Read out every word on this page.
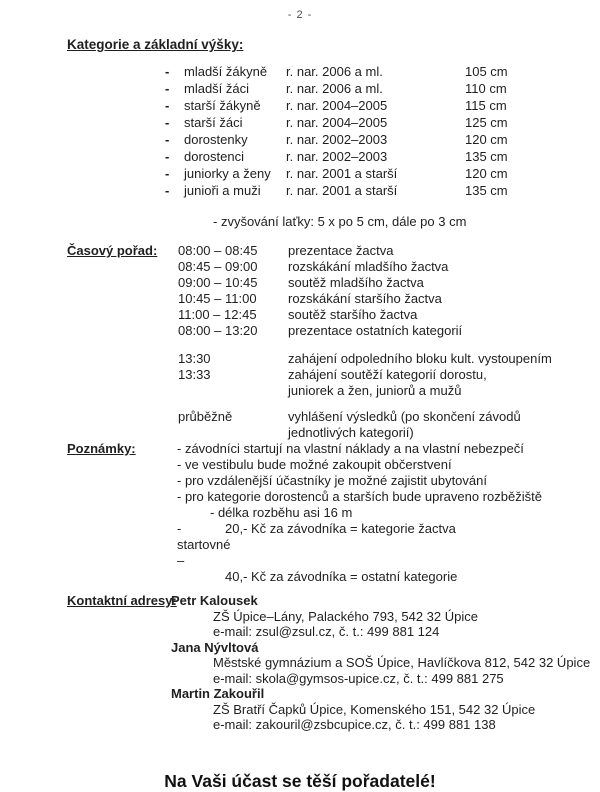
- 2 -
Kategorie a základní výšky:
-	mladší žákyně	r. nar. 2006 a ml.	105 cm
-	mladší žáci	r. nar. 2006 a ml.	110 cm
-	starší žákyně	r. nar. 2004–2005	115 cm
-	starší žáci	r. nar. 2004–2005	125 cm
-	dorostenky	r. nar. 2002–2003	120 cm
-	dorostenci	r. nar. 2002–2003	135 cm
-	juniorky a ženy	r. nar. 2001 a starší	120 cm
-	junioři a muži	r. nar. 2001 a starší	135 cm
- zvyšování laťky: 5 x po 5 cm, dále po 3 cm
Časový pořad: 08:00 – 08:45	prezentace žactva
08:45 – 09:00	rozskákání mladšího žactva
09:00 – 10:45	soutěž mladšího žactva
10:45 – 11:00	rozskákání staršího žactva
11:00 – 12:45	soutěž staršího žactva
08:00 – 13:20	prezentace ostatních kategorií
13:30	zahájení odpoledního bloku kult. vystoupením
13:33	zahájení soutěží kategorií dorostu,
juniorek a žen, juniorů a mužů
průběžně	vyhlášení výsledků (po skončení závodů
jednotlivých kategorií)
Poznámky:	- závodníci startují na vlastní náklady a na vlastní nebezpečí
- ve vestibulu bude možné zakoupit občerstvení
- pro vzdálenější účastníky je možné zajistit ubytování
- pro kategorie dorostenců a starších bude upraveno rozběžiště
- délka rozběhu asi 16 m
- startovné –
20,- Kč za závodníka = kategorie žactva
40,- Kč za závodníka = ostatní kategorie
Kontaktní adresy:
Petr Kalousek
ZŠ Úpice–Lány, Palackého 793, 542 32 Úpice
e-mail: zsul@zsul.cz, č. t.: 499 881 124
Jana Nývltová
Městské gymnázium a SOŠ Úpice, Havlíčkova 812, 542 32 Úpice
e-mail: skola@gymsos-upice.cz, č. t.: 499 881 275
Martin Zakouřil
ZŠ Bratří Čapků Úpice, Komenského 151, 542 32 Úpice
e-mail: zakouril@zsbcupice.cz, č. t.: 499 881 138
Na Vaši účast se těší pořadatelé!
